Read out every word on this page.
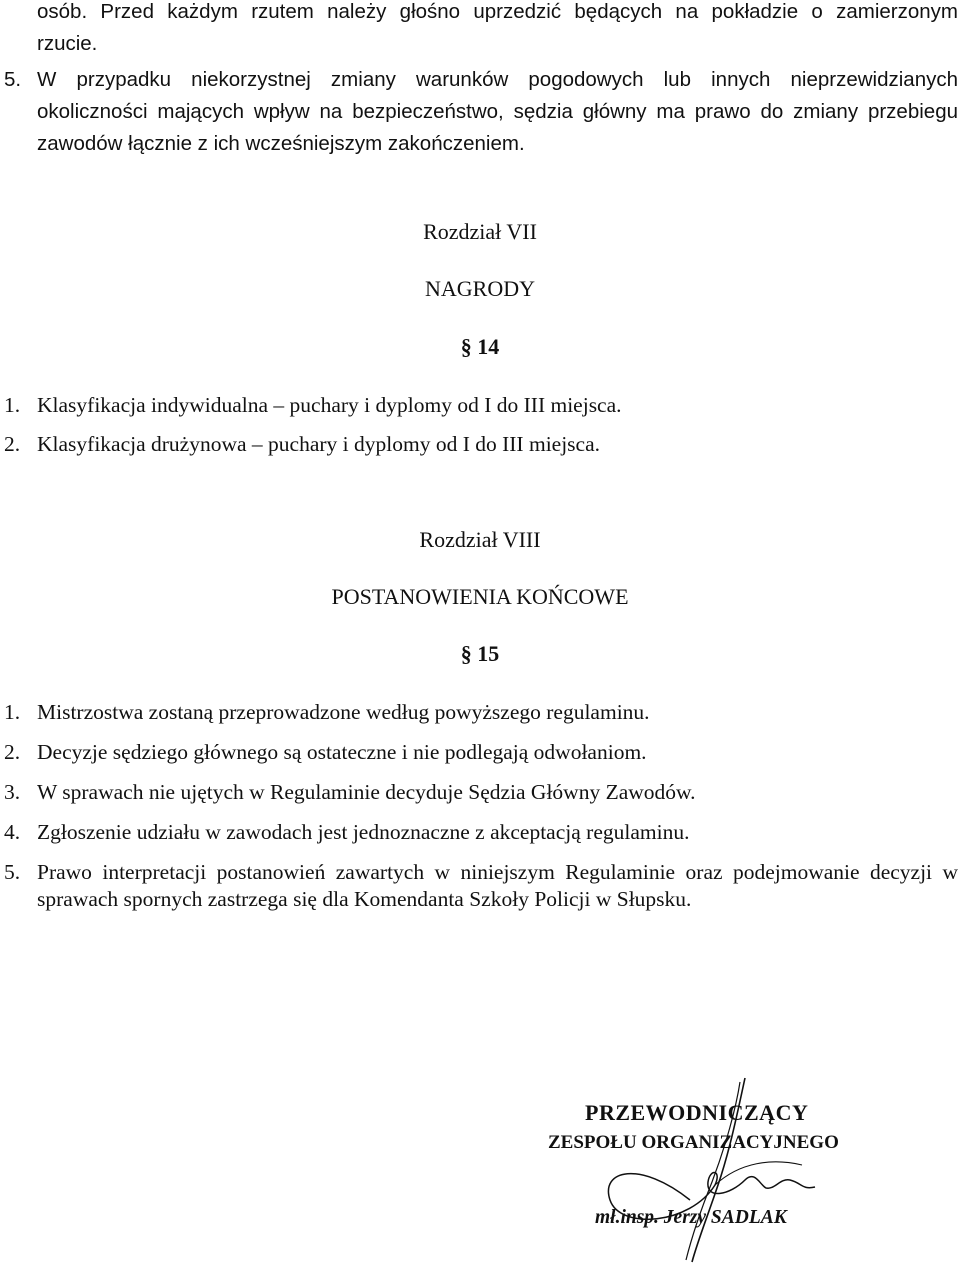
osób. Przed każdym rzutem należy głośno uprzedzić będących na pokładzie o zamierzonym
rzucie.
5. W przypadku niekorzystnej zmiany warunków pogodowych lub innych nieprzewidzianych okoliczności mających wpływ na bezpieczeństwo, sędzia główny ma prawo do zmiany przebiegu zawodów łącznie z ich wcześniejszym zakończeniem.

Rozdział VII
NAGRODY
§ 14
1. Klasyfikacja indywidualna – puchary i dyplomy od I do III miejsca.
2. Klasyfikacja drużynowa – puchary i dyplomy od I do III miejsca.
Rozdział VIII
POSTANOWIENIA KOŃCOWE
§ 15
1. Mistrzostwa zostaną przeprowadzone według powyższego regulaminu.
2. Decyzje sędziego głównego są ostateczne i nie podlegają odwołaniom.
3. W sprawach nie ujętych w Regulaminie decyduje Sędzia Główny Zawodów.
4. Zgłoszenie udziału w zawodach jest jednoznaczne z akceptacją regulaminu.
5. Prawo interpretacji postanowień zawartych w niniejszym Regulaminie oraz podejmowanie decyzji w sprawach spornych zastrzega się dla Komendanta Szkoły Policji w Słupsku.
PRZEWODNICZĄCY
ZESPOŁU ORGANIZACYJNEGO
mł.insp. Jerzy SADLAK
